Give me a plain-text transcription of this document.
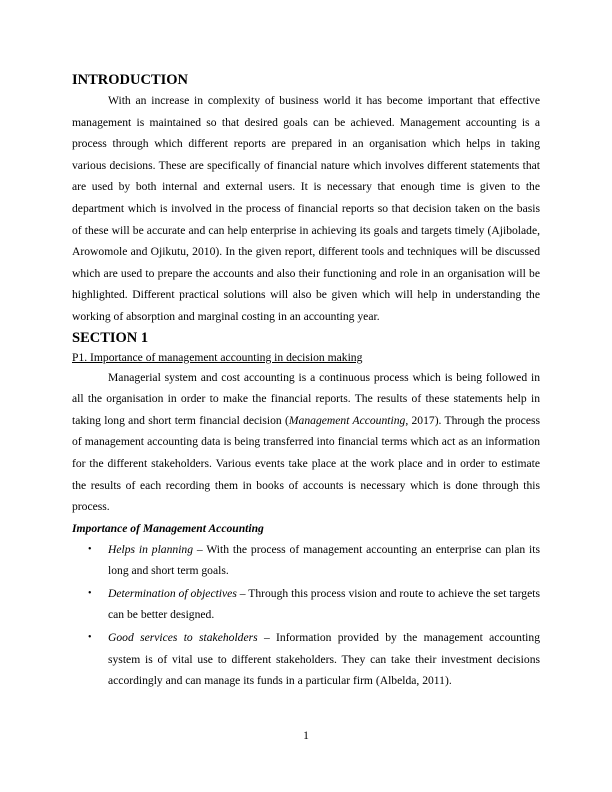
INTRODUCTION

With an increase in complexity of business world it has become important that effective management is maintained so that desired goals can be achieved. Management accounting is a process through which different reports are prepared in an organisation which helps in taking various decisions. These are specifically of financial nature which involves different statements that are used by both internal and external users. It is necessary that enough time is given to the department which is involved in the process of financial reports so that decision taken on the basis of these will be accurate and can help enterprise in achieving its goals and targets timely (Ajibolade, Arowomole and Ojikutu, 2010). In the given report, different tools and techniques will be discussed which are used to prepare the accounts and also their functioning and role in an organisation will be highlighted. Different practical solutions will also be given which will help in understanding the working of absorption and marginal costing in an accounting year.

SECTION 1

P1. Importance of management accounting in decision making

Managerial system and cost accounting is a continuous process which is being followed in all the organisation in order to make the financial reports. The results of these statements help in taking long and short term financial decision (Management Accounting, 2017). Through the process of management accounting data is being transferred into financial terms which act as an information for the different stakeholders. Various events take place at the work place and in order to estimate the results of each recording them in books of accounts is necessary which is done through this process.

Importance of Management Accounting

• Helps in planning – With the process of management accounting an enterprise can plan its long and short term goals.
• Determination of objectives – Through this process vision and route to achieve the set targets can be better designed.
• Good services to stakeholders – Information provided by the management accounting system is of vital use to different stakeholders. They can take their investment decisions accordingly and can manage its funds in a particular firm (Albelda, 2011).
1
